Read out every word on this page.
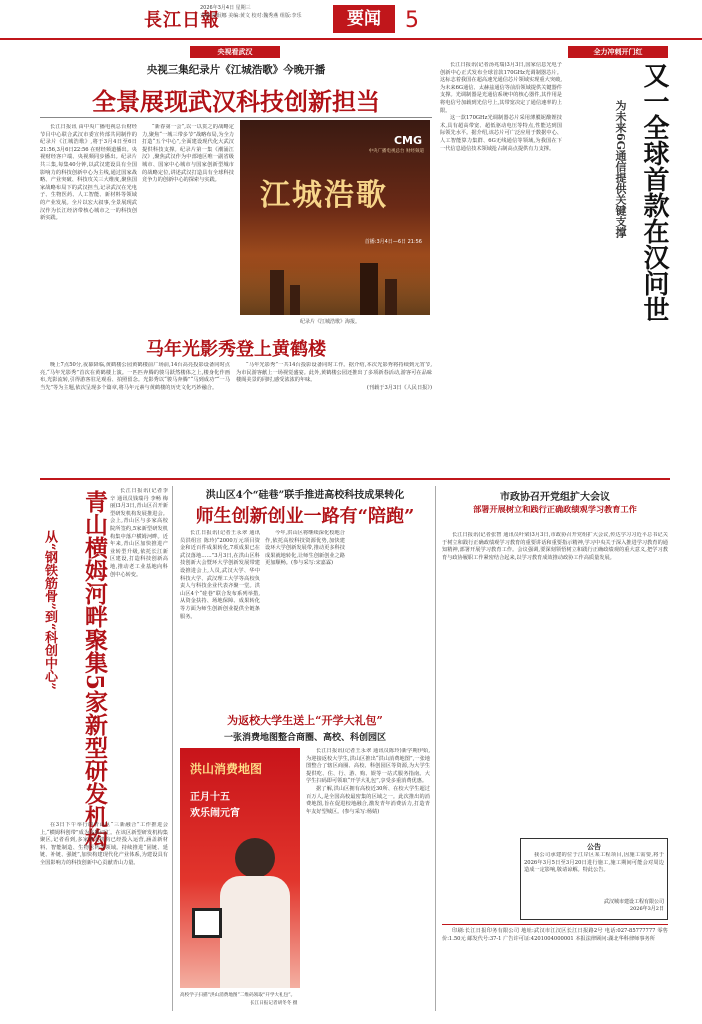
長江日報
2026年3月4日 星期三
责编:胡珉娜 美编:黄文 校对:魏秀燕 组版:李乐	要闻	5
央视看武汉
央视三集纪录片《江城浩歌》今晚开播
全景展现武汉科技创新担当

长江日报讯 由中央广播电视总台财经节目中心联合武汉市委宣传部共同制作的纪录片《江城浩歌》,将于3月4日至6日21:56,3月6日22:56 在财经频道播出。央视财经客户端、央视频同步播出。纪录片共三集,每集40分钟,以武汉建设具有全国影响力的科技创新中心为主线,通过国家战略、产业突破、科技攻关三大维度,聚焦国家战略布局下的武汉担当,记录武汉在光电子、生物医药、人工智能、新材料等领域的产业发展。全片以宏大叙事,全景展现武汉作为长江经济带核心城市之一的科技创新实践。

“新春第一会”,以一以贯之的战略定力,聚焦“一城三带多节”战略布局,为全力打造“五个中心”,全面建设现代化大武汉提供科技支撑。纪录片第一集《潮涌江汉》,聚焦武汉作为中部地区唯一副省级城市、国家中心城市与国家创新型城市的战略定位,讲述武汉打造具有全球科技竞争力的创新中心的探索与实践。

CMG
中央广播电视总台 财经频道
江城浩歌
首播:3月4日—6日 21:56
纪录片《江城浩歌》海报。
马年光影秀登上黄鹤楼

晚上7点50分,夜幕降临,黄鹤楼公园黄鹤楼前广场前,14台高亮投影设备同时点亮,“马年光影秀”首次在黄鹤楼上演。一匹匹奔腾的骏马跃然楼体之上,楼身化作画布,光影流转,引得游客驻足观看、拍照留念。光影秀以“骏马奔腾”“马到成功”“一马当先”等为主题,依次呈现多个篇章,将马年元素与黄鹤楼的历史文化巧妙融合。

“马年光影秀”一共14台投影设备同时工作。据介绍,本次光影秀将持续到元宵节,为市民游客献上一场视觉盛宴。此外,黄鹤楼公园还推出了多项新春活动,游客可在品味楼阁美景的同时,感受浓浓的年味。

(刊载于3月3日《人民日报》)

全力冲刺开门红

长江日报讯(记者汤兆瑞)3月3日,国家信息光电子创新中心正式发布全球首款170GHz光调制器芯片。这标志着我国在超高速光通信芯片领域实现重大突破,为未来6G通信、太赫兹通信等前沿领域提供关键器件支撑。光调制器是光通信系统中的核心器件,其作用是将电信号加载到光信号上,其带宽决定了通信速率的上限。

这一款170GHz光调制器芯片采用薄膜铌酸锂技术,具有超高带宽、超低驱动电压等特点,性能达到国际领先水平。据介绍,该芯片可广泛应用于数据中心、人工智能算力集群、6G无线通信等领域,为我国在下一代信息通信技术领域抢占制高点提供有力支撑。	又一全球首款在汉问世
为未来6G通信提供关键支撑
青山横姆河畔聚集5家新型研发机构
从“钢铁筋骨”到“科创中心”

长江日报讯(记者李辛 通讯员钱瑞丹 李畅 梅丽)3月3日,青山区召开新型研发机构发展推进会。会上,青山区与多家高校院所签约,5家新型研发机构集中落户横姆河畔。近年来,青山区加快推进产业转型升级,依托长江新区建设,打造科技创新高地,推动老工业基地向科创中心转变。

在3日下午举行的青山区“三新融合”工作推进会上,“横姆科创带”成为高频词汇。在该区新型研发机构集聚区,记者看到,多家研发机构已经投入运营,涵盖新材料、智能制造、生物医药等领域。持续推进“固链、延链、补链、强链”,加快构建现代化产业体系,为建设具有全国影响力的科技创新中心贡献青山力量。

洪山区4个“硅巷”联手推进高校科技成果转化
师生创新创业一路有“陪跑”

长江日报讯(记者王永翠 通讯员洪组宣 陈玲)“2000万元项目资金和近百件成果转化,7项成果已在武汉落地……”3月3日,在洪山区科技创新大会暨环大学创新发展带建设推进会上,人员,武汉大学、华中科技大学、武汉理工大学等高校负责人与科技企业代表齐聚一堂。洪山区4个“硅巷”联合发布系列举措,从资金扶持、场地保障、成果转化等方面为师生创新创业提供全链条服务。

今年,洪山区将继续深化校地合作,依托高校科技资源优势,加快建设环大学创新发展带,推动更多科技成果就地转化,让师生创新创业之路更加顺畅。(参与采写:宋嘉霖)

为返校大学生送上“开学大礼包”
一张消费地图整合商圈、高校、科创园区
洪山消费地图
正月十五
欢乐闹元宵
高校学子扫描“洪山消费地图”二维码领取“开学大礼包”。
长江日报记者胡冬冬 摄

长江日报讯(记者王永翠 通讯员陈玲)新学期伊始,为迎接返校大学生,洪山区推出“洪山消费地图”,一张地图整合了辖区商圈、高校、科创园区等资源,为大学生提供吃、住、行、游、购、娱等一站式服务指南。大学生扫码即可领取“开学大礼包”,享受多重消费优惠。

据了解,洪山区拥有高校近30所、在校大学生超过百万人,是全国高校最密集的区域之一。此次推出的消费地图,旨在促进校地融合,激发青年消费活力,打造青年友好型城区。(参与采写:杨婧)

市政协召开党组扩大会议
部署开展树立和践行正确政绩观学习教育工作

长江日报讯(记者张智 通讯员叶梁)3月3日,市政协召开党组扩大会议,传达学习习近平总书记关于树立和践行正确政绩观学习教育的重要讲话和重要指示精神,学习中央关于深入推进学习教育的通知精神,部署开展学习教育工作。会议强调,要深刻领悟树立和践行正确政绩观的重大意义,把学习教育与政协履职工作紧密结合起来,以学习教育成效推动政协工作高质量发展。

公告

我公司承建的位于江岸区某工程项目,因施工需要,将于2026年3月5日至3月20日进行施工,施工期间可能会对周边造成一定影响,敬请谅解。特此公告。

武汉城市建设工程有限公司
2026年3月2日

印刷:长江日报印务有限公司 地址:武汉市江汉区长江日报路2号 电话:027-85777777 零售价:1.50元 邮发代号:37-1 广告许可证:4201004000001 本报法律顾问:湖北华科律师事务所
